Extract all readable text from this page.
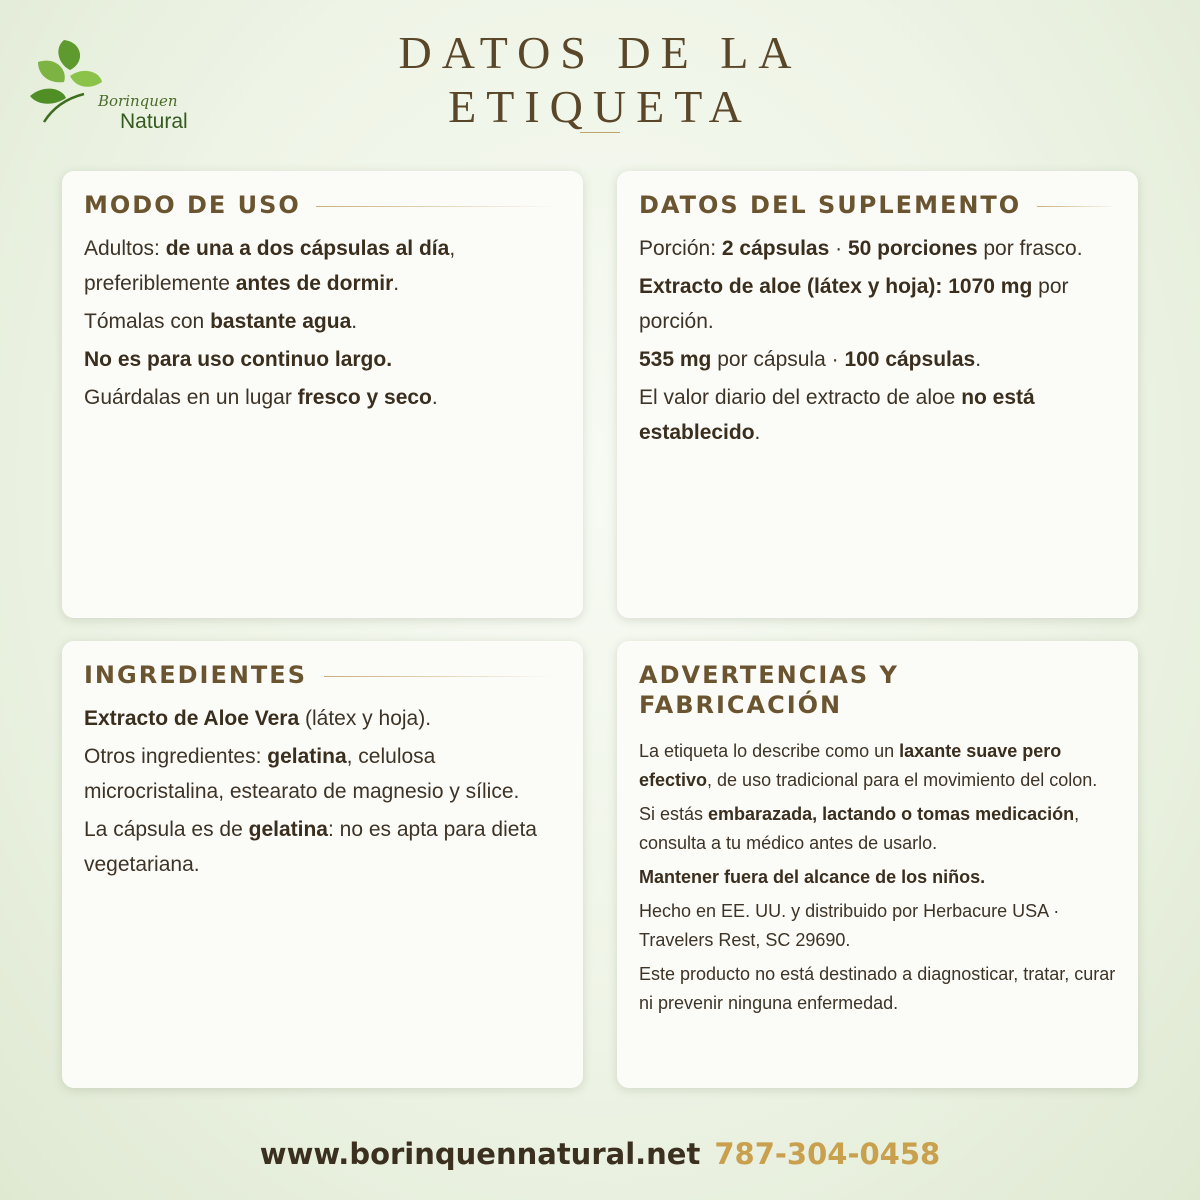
Borinquen
Natural
DATOS DE LA
ETIQUETA
MODO DE USO

Adultos: de una a dos cápsulas al día, preferiblemente antes de dormir.

Tómalas con bastante agua.

No es para uso continuo largo.

Guárdalas en un lugar fresco y seco.

DATOS DEL SUPLEMENTO

Porción: 2 cápsulas · 50 porciones por frasco.

Extracto de aloe (látex y hoja): 1070 mg por porción.

535 mg por cápsula · 100 cápsulas.

El valor diario del extracto de aloe no está establecido.

INGREDIENTES

Extracto de Aloe Vera (látex y hoja).

Otros ingredientes: gelatina, celulosa microcristalina, estearato de magnesio y sílice.

La cápsula es de gelatina: no es apta para dieta vegetariana.

ADVERTENCIAS Y
FABRICACIÓN

La etiqueta lo describe como un laxante suave pero efectivo, de uso tradicional para el movimiento del colon.

Si estás embarazada, lactando o tomas medicación, consulta a tu médico antes de usarlo.

Mantener fuera del alcance de los niños.

Hecho en EE. UU. y distribuido por Herbacure USA · Travelers Rest, SC 29690.

Este producto no está destinado a diagnosticar, tratar, curar ni prevenir ninguna enfermedad.

www.borinquennatural.net 787-304-0458
